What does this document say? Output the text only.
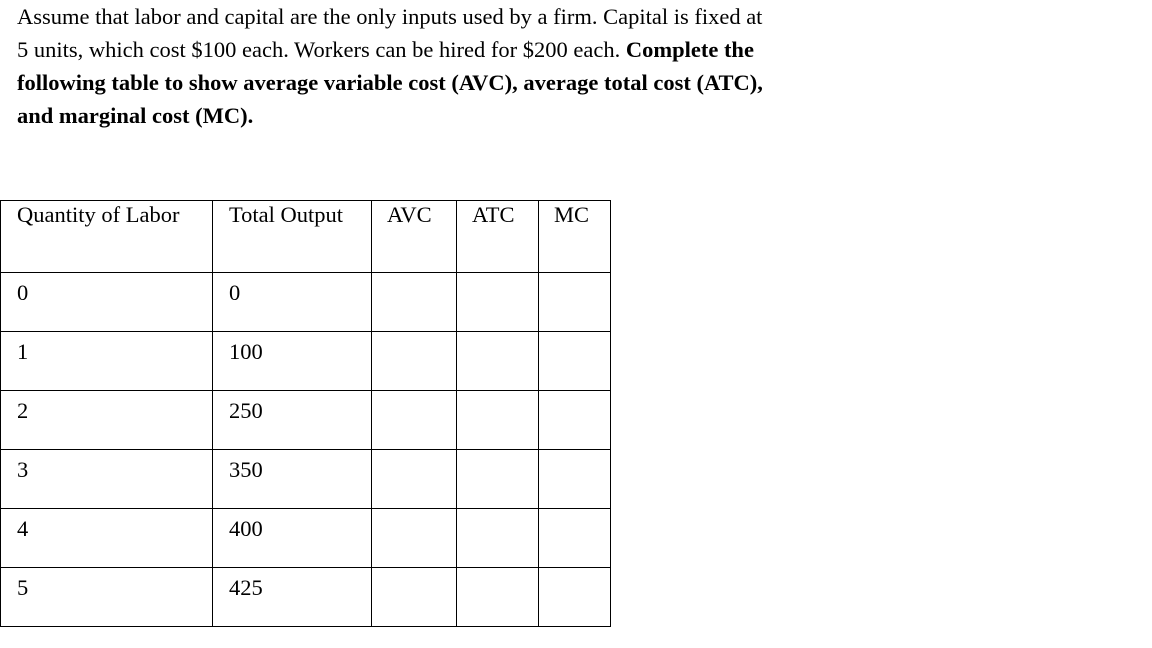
Assume that labor and capital are the only inputs used by a firm. Capital is fixed at
5 units, which cost $100 each. Workers can be hired for $200 each. Complete the
following table to show average variable cost (AVC), average total cost (ATC),
and marginal cost (MC).
Quantity of Labor	Total Output	AVC	ATC	MC
0	0			
1	100			
2	250			
3	350			
4	400			
5	425			
